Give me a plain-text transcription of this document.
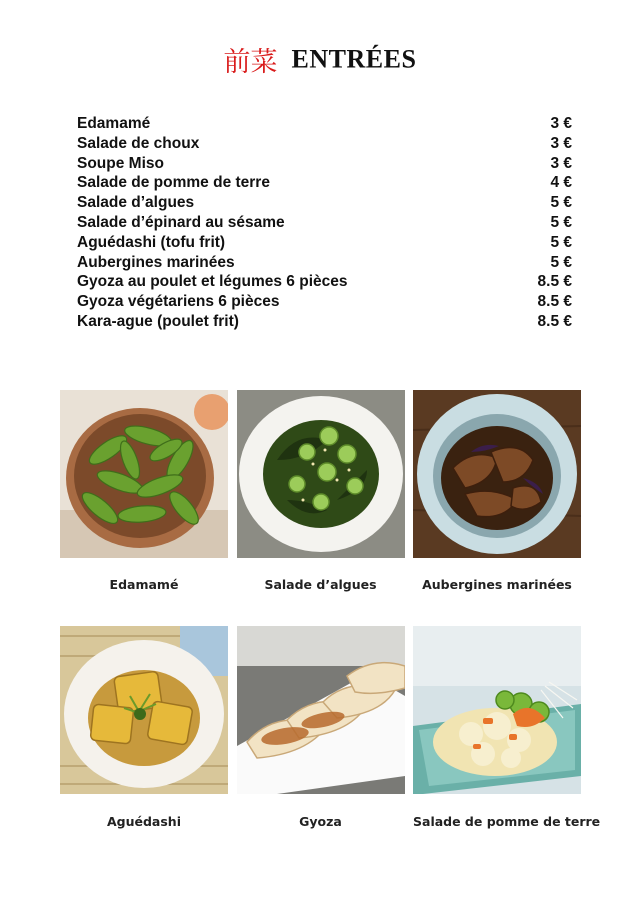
前菜 ENTRÉES
Edamamé	3 €
Salade de choux	3 €
Soupe Miso	3 €
Salade de pomme de terre	4 €
Salade d’algues	5 €
Salade d’épinard au sésame	5 €
Aguédashi (tofu frit)	5 €
Aubergines marinées	5 €
Gyoza au poulet et légumes 6 pièces	8.5 €
Gyoza végétariens 6 pièces	8.5 €
Kara-ague (poulet frit)	8.5 €
Edamamé	Salade d’algues	Aubergines marinées
Aguédashi	Gyoza	Salade de pomme de terre
